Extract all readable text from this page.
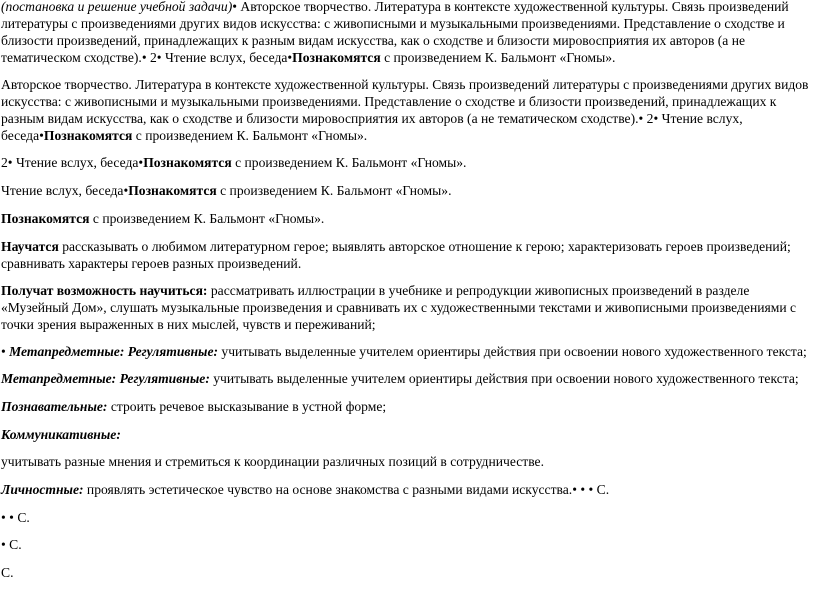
(постановка и решение учебной задачи)• Авторское творчество. Литература в контексте художественной культуры. Связь произведений литературы с произведениями других видов искусства: с живописными и музыкальными произведениями. Представление о сходстве и близости произведений, принадлежащих к разным видам искусства, как о сходстве и близости мировосприятия их авторов (а не тематическом сходстве).• 2• Чтение вслух, беседа•Познакомятся с произведением К. Бальмонт «Гномы».

Авторское творчество. Литература в контексте художественной культуры. Связь произведений литературы с произведениями других видов искусства: с живописными и музыкальными произведениями. Представление о сходстве и близости произведений, принадлежащих к разным видам искусства, как о сходстве и близости мировосприятия их авторов (а не тематическом сходстве).• 2• Чтение вслух, беседа•Познакомятся с произведением К. Бальмонт «Гномы».

2• Чтение вслух, беседа•Познакомятся с произведением К. Бальмонт «Гномы».

Чтение вслух, беседа•Познакомятся с произведением К. Бальмонт «Гномы».

Познакомятся с произведением К. Бальмонт «Гномы».

Научатся рассказывать о любимом литературном герое; выявлять авторское отношение к герою; характеризовать героев произведений; сравнивать характеры героев разных произведений.

Получат возможность научиться: рассматривать иллюстрации в учебнике и репродукции живописных произведений в разделе «Музейный Дом», слушать музыкальные произведения и сравнивать их с художественными текстами и живописными произведениями с точки зрения выраженных в них мыслей, чувств и переживаний;

• Метапредметные: Регулятивные: учитывать выделенные учителем ориентиры действия при освоении нового художественного текста;

Метапредметные: Регулятивные: учитывать выделенные учителем ориентиры действия при освоении нового художественного текста;

Познавательные: строить речевое высказывание в устной форме;

Коммуникативные:

учитывать разные мнения и стремиться к координации различных позиций в сотрудничестве.

Личностные: проявлять эстетическое чувство на основе знакомства с разными видами искусства.• • • С.

• • С.

• С.

С.
